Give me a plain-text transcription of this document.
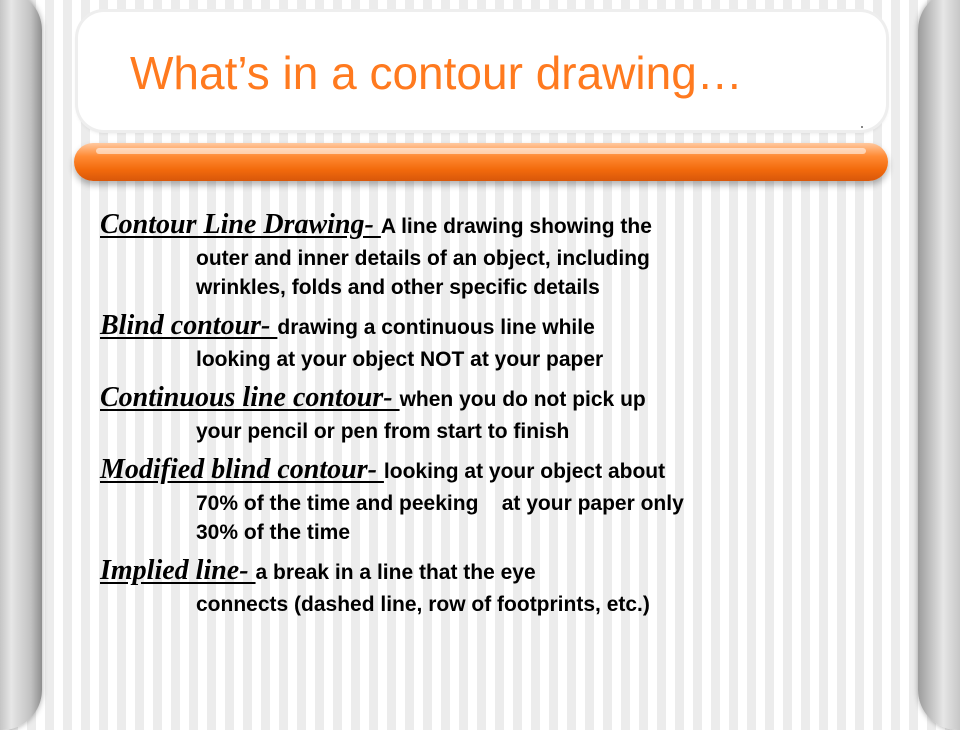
What’s in a contour drawing…
Contour Line Drawing- A line drawing showing the
outer and inner details of an object, including
wrinkles, folds and other specific details
Blind contour- drawing a continuous line while
looking at your object NOT at your paper
Continuous line contour- when you do not pick up
your pencil or pen from start to finish
Modified blind contour- looking at your object about
70% of the time and peeking    at your paper only
30% of the time
Implied line- a break in a line that the eye
connects (dashed line, row of footprints, etc.)
